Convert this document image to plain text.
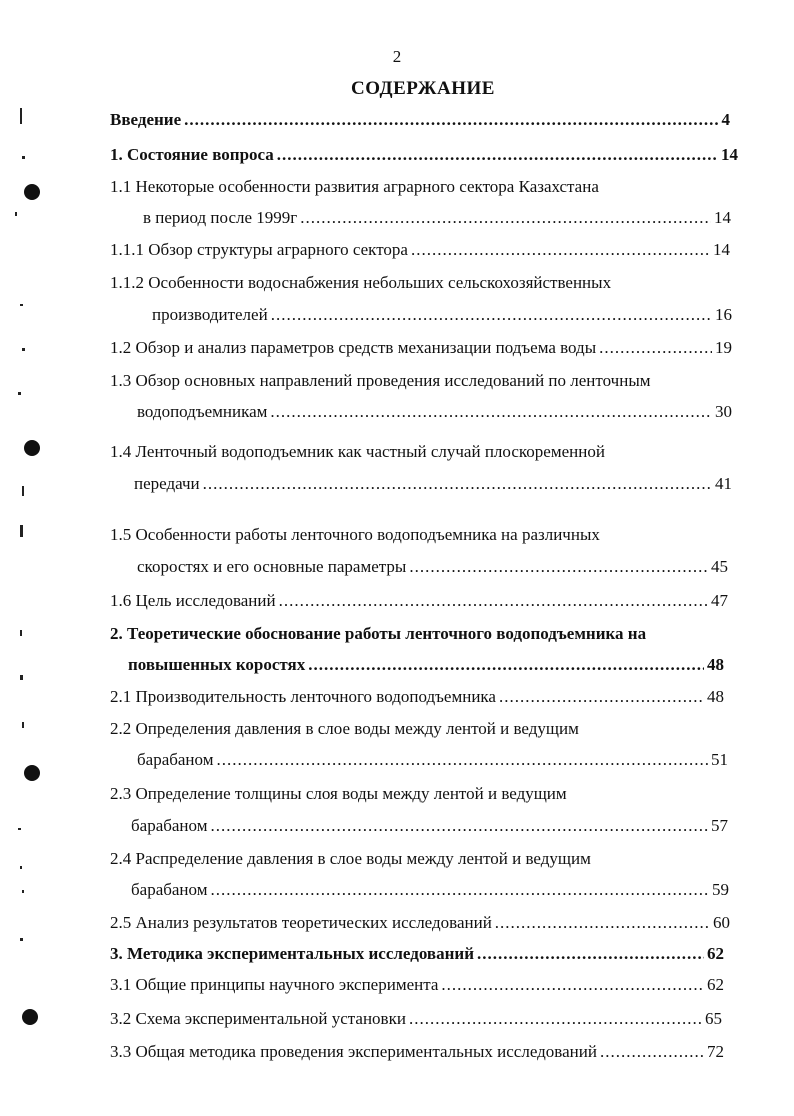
2
СОДЕРЖАНИЕ
Введение .....	4
1. Состояние вопроса .....	14
1.1 Некоторые особенности развития аграрного сектора Казахстана
в период после 1999г .....	14
1.1.1 Обзор структуры аграрного сектора .....	14
1.1.2 Особенности водоснабжения небольших сельскохозяйственных
производителей .....	16
1.2 Обзор и анализ параметров средств механизации подъема воды .....	19
1.3 Обзор основных направлений проведения исследований по ленточным
водоподъемникам .....	30
1.4 Ленточный водоподъемник как частный случай плоскоременной
передачи .....	41
1.5 Особенности работы ленточного водоподъемника на различных
скоростях и его основные параметры .....	45
1.6 Цель исследований .....	47
2. Теоретические обоснование работы ленточного водоподъемника на
повышенных коростях .....	48
2.1 Производительность ленточного водоподъемника .....	48
2.2 Определения давления в слое воды между лентой и ведущим
барабаном .....	51
2.3 Определение толщины слоя воды между лентой и ведущим
барабаном .....	57
2.4 Распределение давления в слое воды между лентой и ведущим
барабаном .....	59
2.5 Анализ результатов теоретических исследований .....	60
3. Методика экспериментальных исследований .....	62
3.1 Общие принципы научного эксперимента .....	62
3.2 Схема экспериментальной установки .....	65
3.3 Общая методика проведения экспериментальных исследований .....	72
